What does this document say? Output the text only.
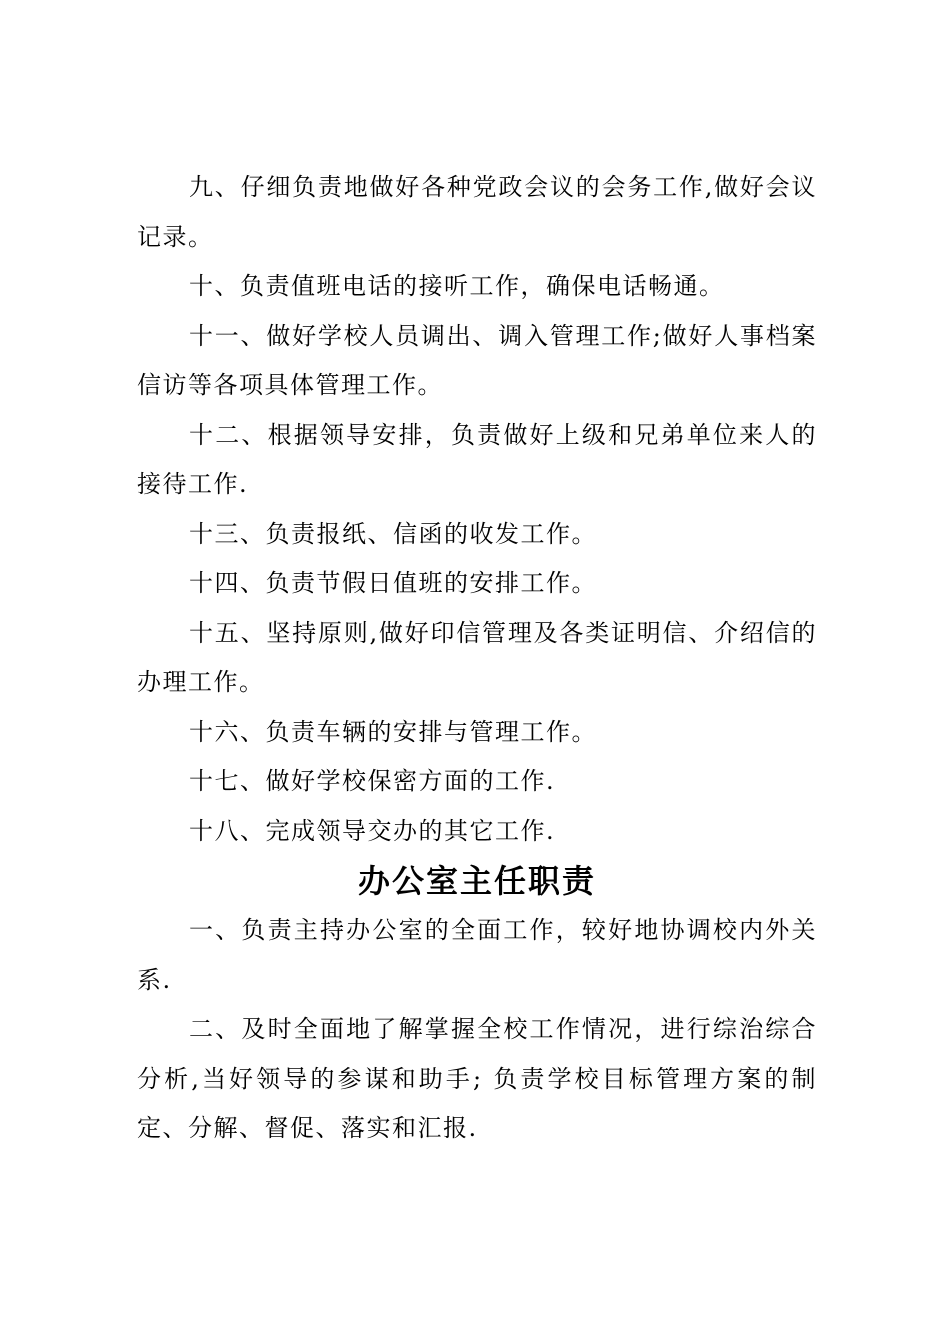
九、仔细负责地做好各种党政会议的会务工作,做好会议记录。

十、负责值班电话的接听工作，确保电话畅通。

十一、做好学校人员调出、调入管理工作;做好人事档案信访等各项具体管理工作。

十二、根据领导安排，负责做好上级和兄弟单位来人的接待工作.

十三、负责报纸、信函的收发工作。

十四、负责节假日值班的安排工作。

十五、坚持原则,做好印信管理及各类证明信、介绍信的办理工作。

十六、负责车辆的安排与管理工作。

十七、做好学校保密方面的工作.

十八、完成领导交办的其它工作.

办公室主任职责

一、负责主持办公室的全面工作，较好地协调校内外关系.

二、及时全面地了解掌握全校工作情况，进行综治综合分析,当好领导的参谋和助手; 负责学校目标管理方案的制定、分解、督促、落实和汇报.
